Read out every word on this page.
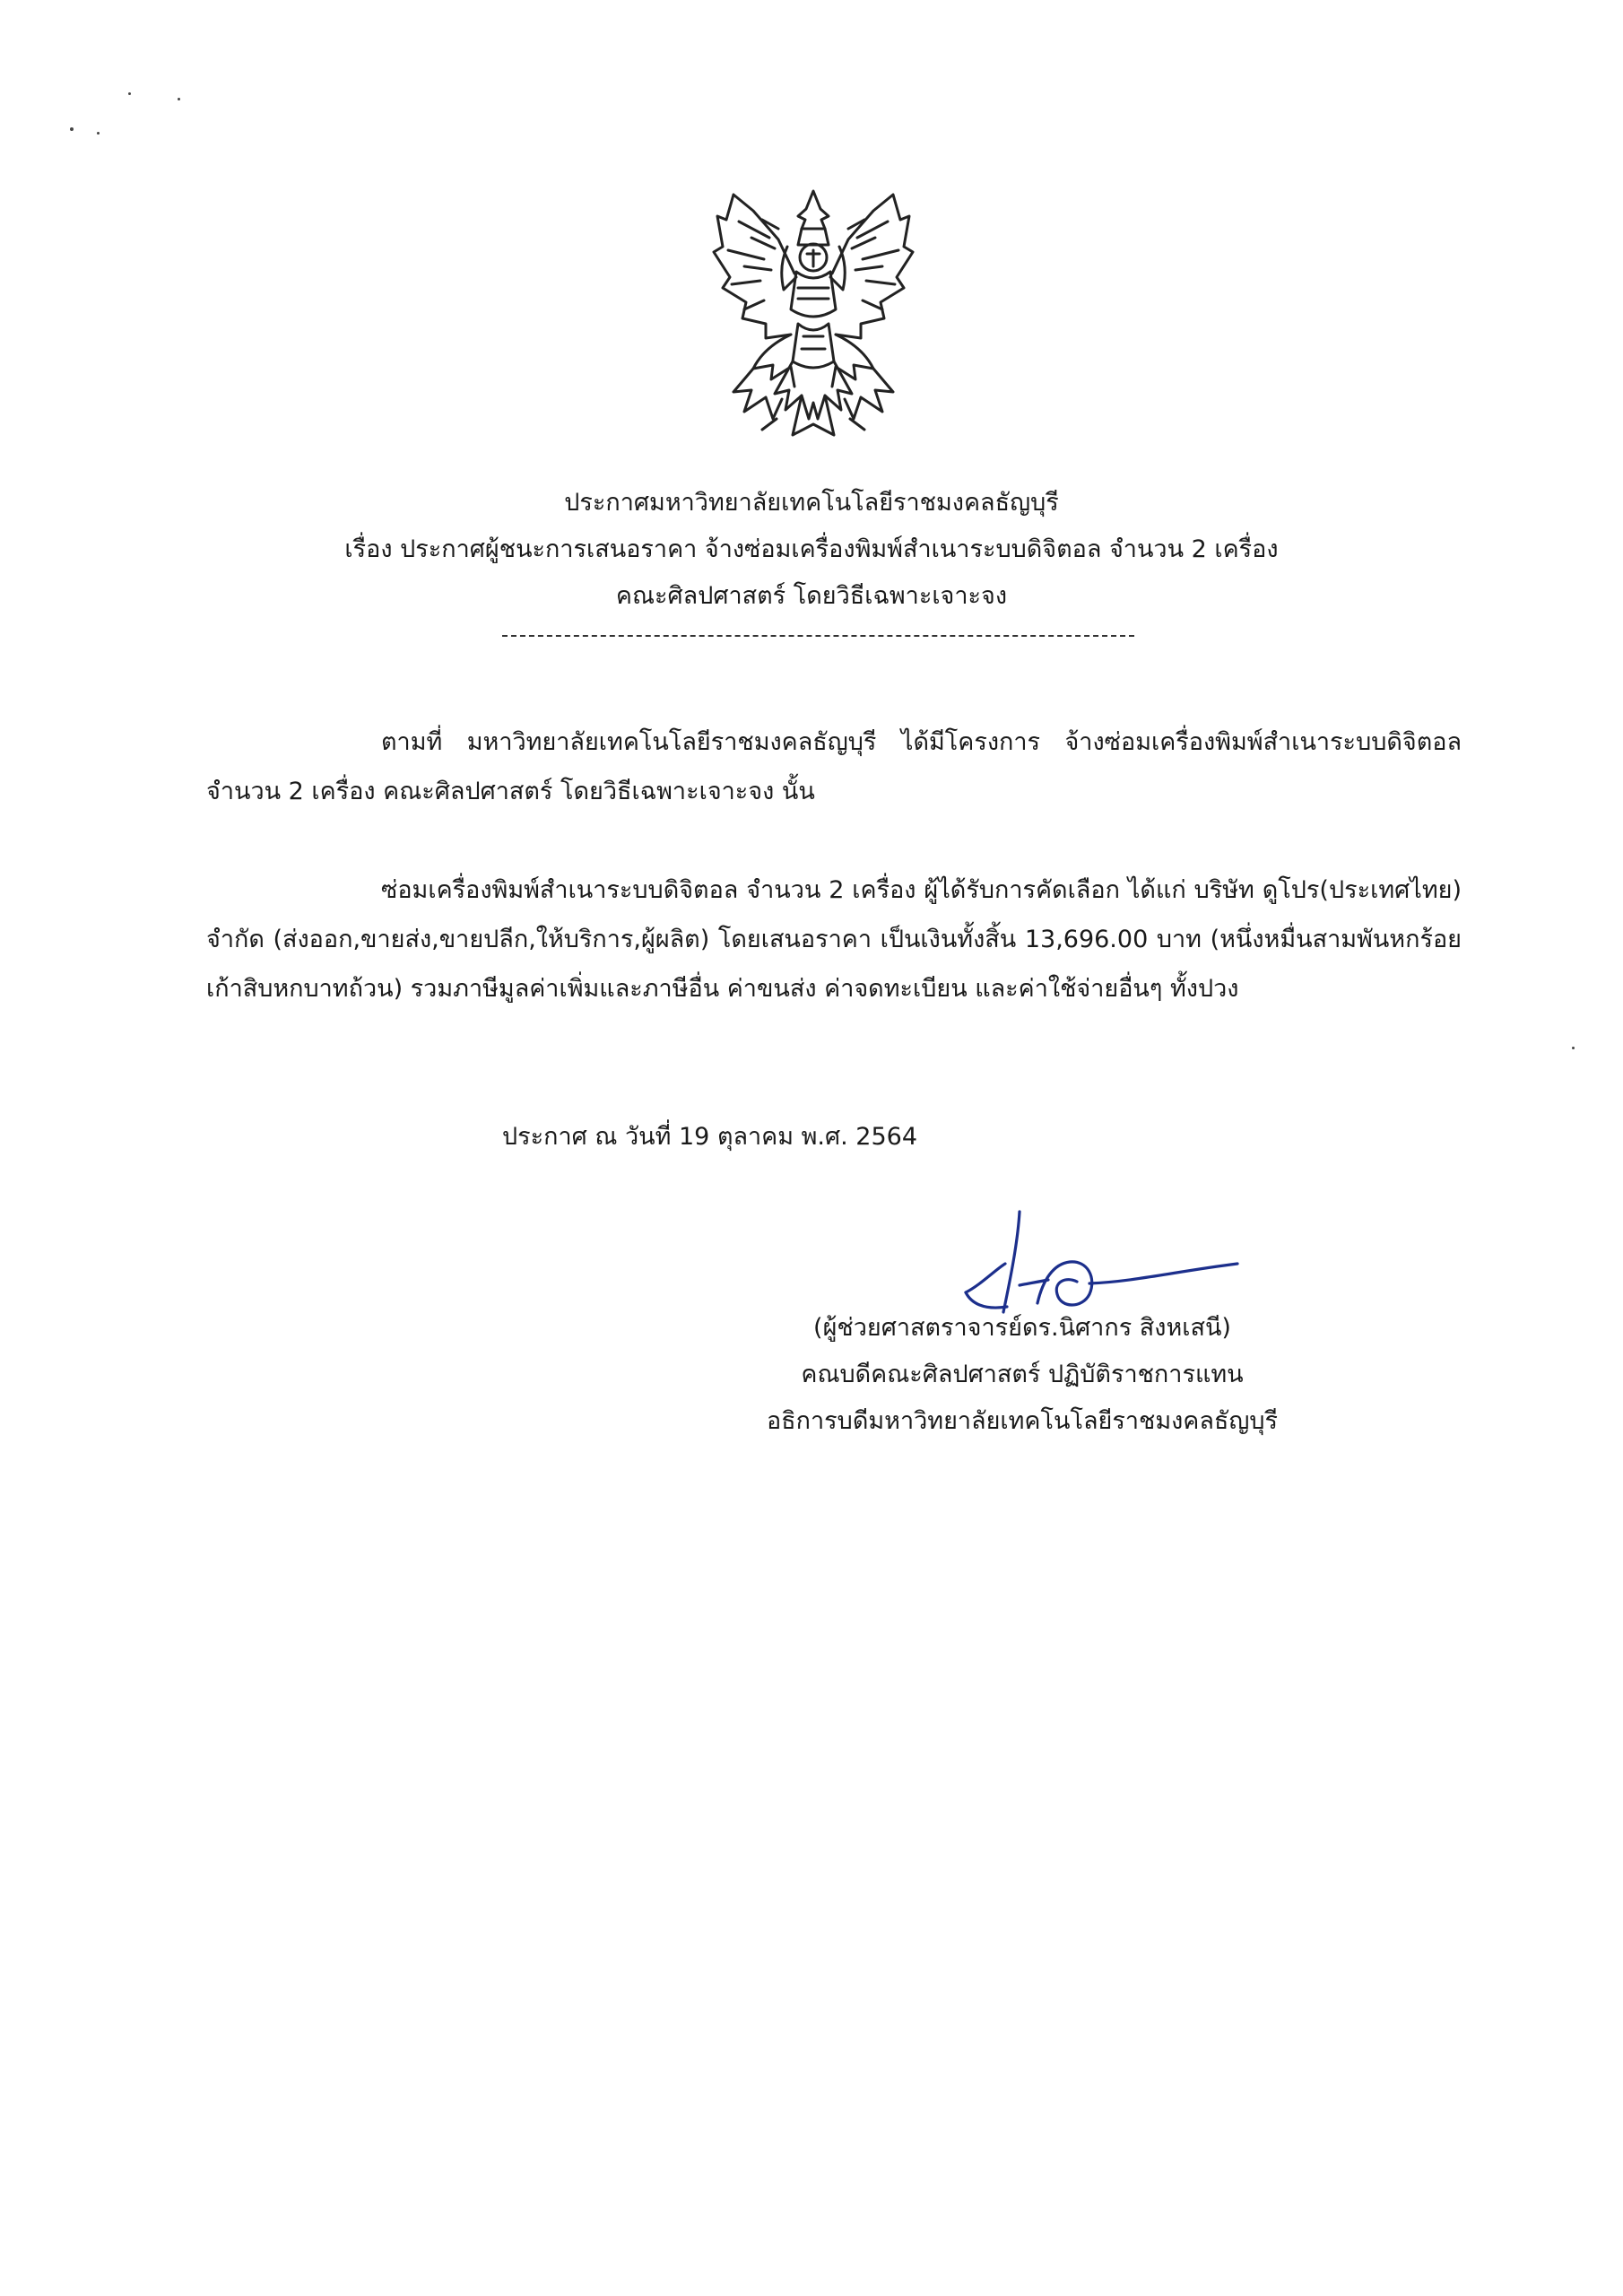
ประกาศมหาวิทยาลัยเทคโนโลยีราชมงคลธัญบุรี
เรื่อง ประกาศผู้ชนะการเสนอราคา จ้างซ่อมเครื่องพิมพ์สำเนาระบบดิจิตอล จำนวน 2 เครื่อง
คณะศิลปศาสตร์ โดยวิธีเฉพาะเจาะจง

ตามที่ มหาวิทยาลัยเทคโนโลยีราชมงคลธัญบุรี ได้มีโครงการ จ้างซ่อมเครื่องพิมพ์สำเนาระบบดิจิตอล จำนวน 2 เครื่อง คณะศิลปศาสตร์ โดยวิธีเฉพาะเจาะจง นั้น

ซ่อมเครื่องพิมพ์สำเนาระบบดิจิตอล จำนวน 2 เครื่อง ผู้ได้รับการคัดเลือก ได้แก่ บริษัท ดูโปร(ประเทศไทย) จำกัด (ส่งออก,ขายส่ง,ขายปลีก,ให้บริการ,ผู้ผลิต) โดยเสนอราคา เป็นเงินทั้งสิ้น 13,696.00 บาท (หนึ่งหมื่นสามพันหกร้อยเก้าสิบหกบาทถ้วน) รวมภาษีมูลค่าเพิ่มและภาษีอื่น ค่าขนส่ง ค่าจดทะเบียน และค่าใช้จ่ายอื่นๆ ทั้งปวง

ประกาศ ณ วันที่ 19 ตุลาคม พ.ศ. 2564
(ผู้ช่วยศาสตราจารย์ดร.นิศากร สิงหเสนี)
คณบดีคณะศิลปศาสตร์ ปฏิบัติราชการแทน
อธิการบดีมหาวิทยาลัยเทคโนโลยีราชมงคลธัญบุรี
